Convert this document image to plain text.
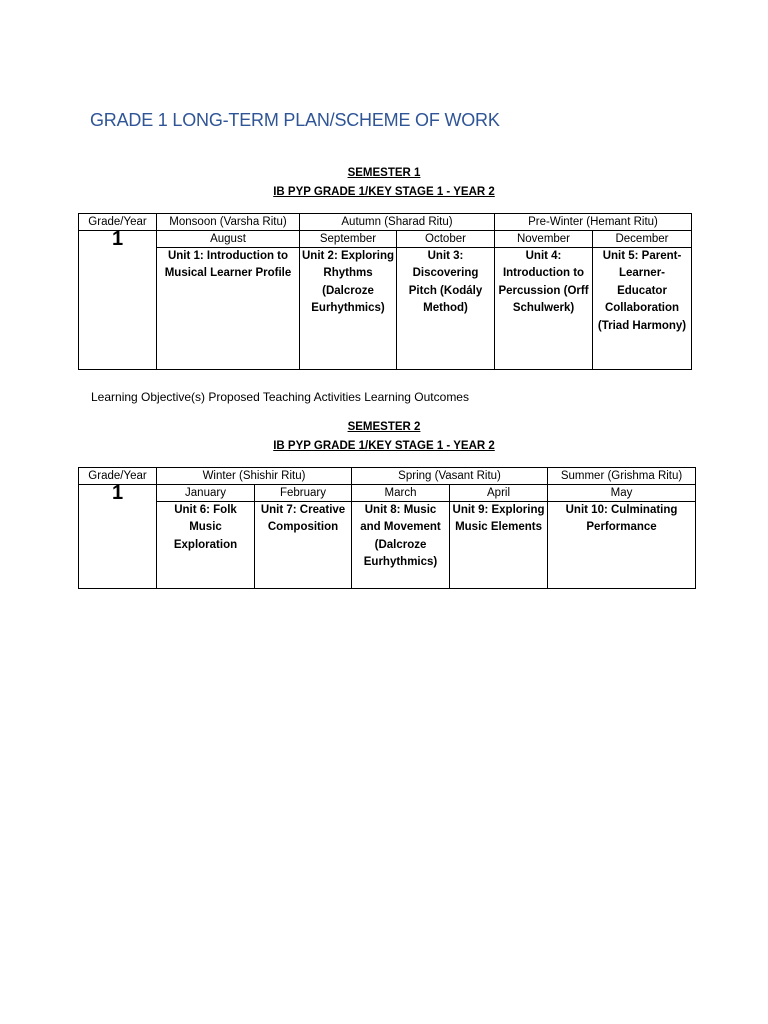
GRADE 1 LONG-TERM PLAN/SCHEME OF WORK
SEMESTER 1
IB PYP GRADE 1/KEY STAGE 1 - YEAR 2
Grade/Year	Monsoon (Varsha Ritu)	Autumn (Sharad Ritu)		Pre-Winter (Hemant Ritu)	
1	August	September	October	November	December
	Unit 1: Introduction to Musical Learner Profile	Unit 2: Exploring Rhythms (Dalcroze Eurhythmics)	Unit 3: Discovering Pitch (Kodály Method)	Unit 4: Introduction to Percussion (Orff Schulwerk)	Unit 5: Parent-Learner-Educator Collaboration (Triad Harmony)

Learning Objective(s) Proposed Teaching Activities Learning Outcomes

SEMESTER 2
IB PYP GRADE 1/KEY STAGE 1 - YEAR 2
Grade/Year	Winter (Shishir Ritu)		Spring (Vasant Ritu)		Summer (Grishma Ritu)
1	January	February	March	April	May
	Unit 6: Folk Music Exploration	Unit 7: Creative Composition	Unit 8: Music and Movement (Dalcroze Eurhythmics)	Unit 9: Exploring Music Elements	Unit 10: Culminating Performance
